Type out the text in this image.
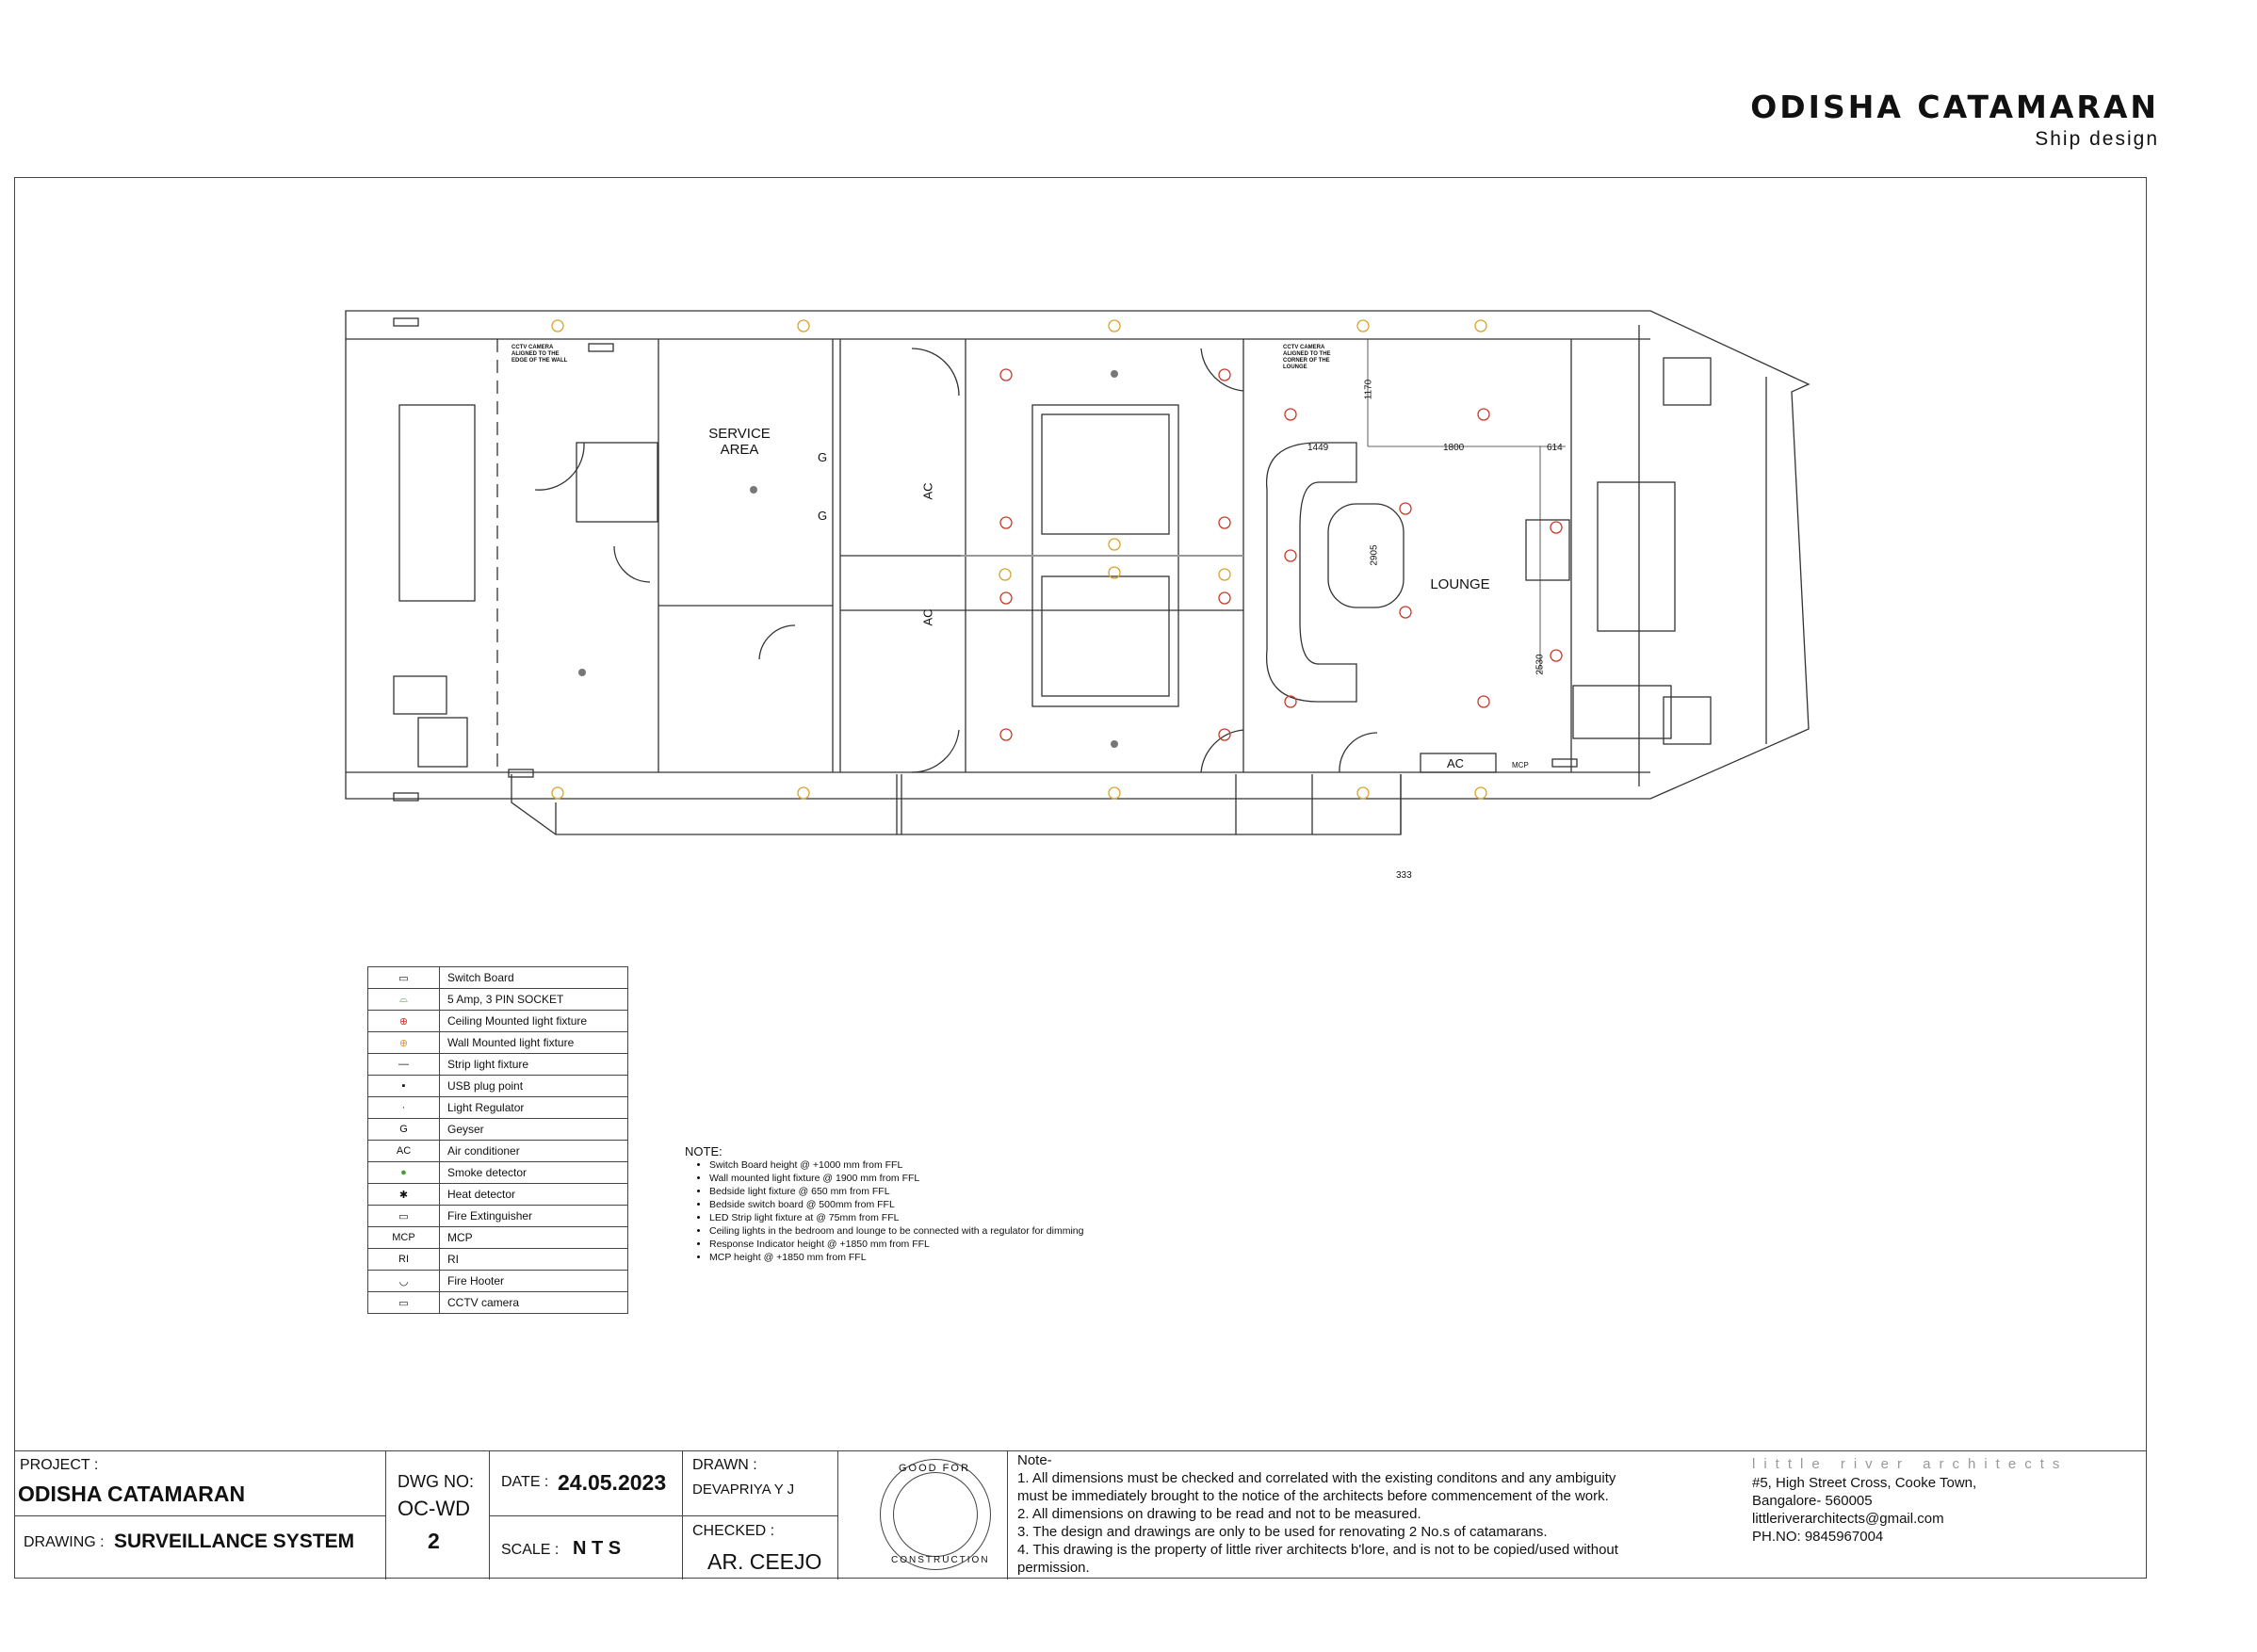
ODISHA CATAMARAN
Ship design
SERVICE
AREA
LOUNGE
CCTV CAMERA
ALIGNED TO THE
EDGE OF THE WALL
CCTV CAMERA
ALIGNED TO THE
CORNER OF THE
LOUNGE
1449	1800	614
1170
2905
2530
333
G
G
AC
AC
AC	MCP
▭	Switch Board
⌓	5 Amp, 3 PIN SOCKET
⊕	Ceiling Mounted light fixture
⊕	Wall Mounted light fixture
—	Strip light fixture
▪	USB plug point
·	Light Regulator
G	Geyser
AC	Air conditioner
●	Smoke detector
✱	Heat detector
▭	Fire Extinguisher
MCP	MCP
RI	RI
◡	Fire Hooter
▭	CCTV camera
NOTE:
• Switch Board height @ +1000 mm from FFL
• Wall mounted light fixture @ 1900 mm from FFL
• Bedside light fixture @ 650 mm from FFL
• Bedside switch board @ 500mm from FFL
• LED Strip light fixture at @ 75mm from FFL
• Ceiling lights in the bedroom and lounge to be connected with a regulator for dimming
• Response Indicator height @ +1850 mm from FFL
• MCP height @ +1850 mm from FFL
PROJECT :
ODISHA CATAMARAN
DRAWING : SURVEILLANCE SYSTEM
DWG NO:
OC-WD
2
DATE : 24.05.2023
SCALE : N T S
DRAWN :
DEVAPRIYA Y J
CHECKED :
AR. CEEJO
GOOD FOR
CONSTRUCTION
Note-
1. All dimensions must be checked and correlated with the existing conditons and any ambiguity
must be immediately brought to the notice of the architects before commencement of the work.
2. All dimensions on drawing to be read and not to be measured.
3. The design and drawings are only to be used for renovating 2 No.s of catamarans.
4. This drawing is the property of little river architects b'lore, and is not to be copied/used without
permission.
little river architects
#5, High Street Cross, Cooke Town,
Bangalore- 560005
littleriverarchitects@gmail.com
PH.NO: 9845967004
